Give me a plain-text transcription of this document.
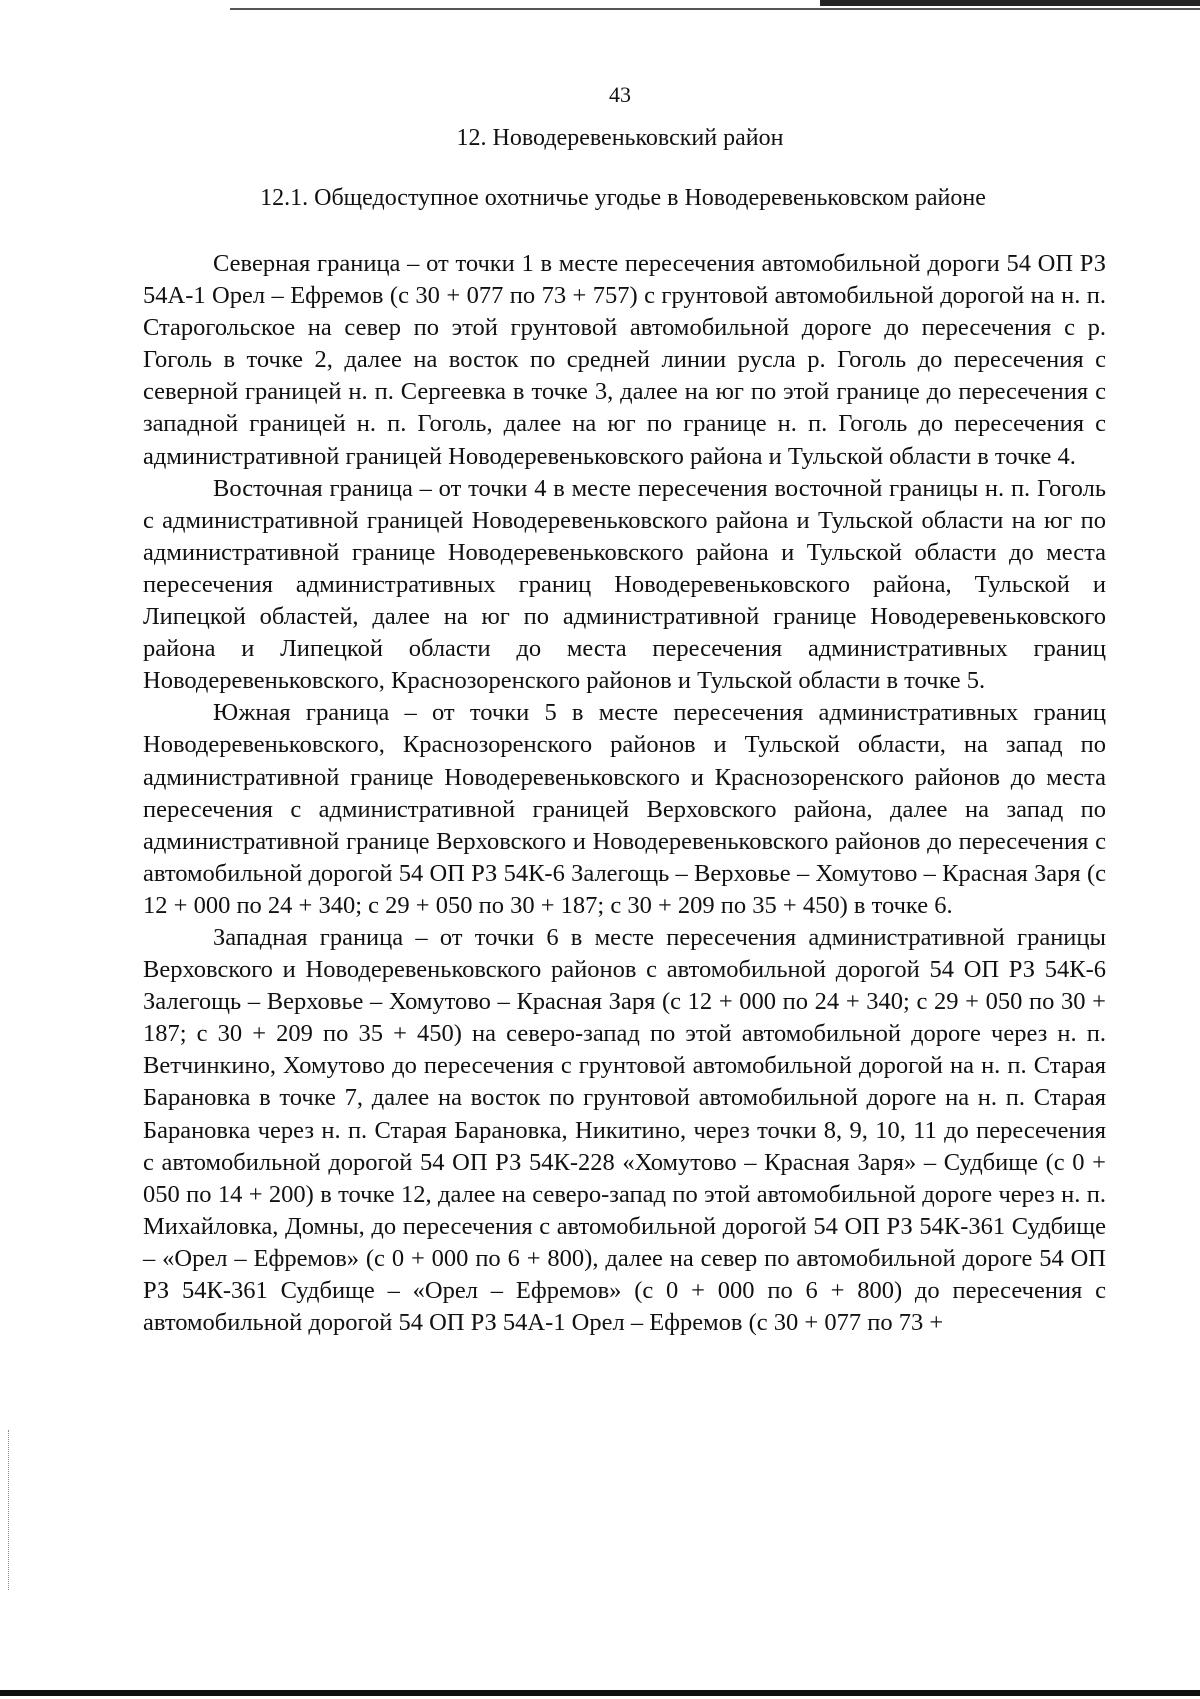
43
12. Новодеревеньковский район
12.1. Общедоступное охотничье угодье в Новодеревеньковском районе

Северная граница – от точки 1 в месте пересечения автомобильной дороги 54 ОП РЗ 54А-1 Орел – Ефремов (с 30 + 077 по 73 + 757) с грунтовой автомобильной дорогой на н. п. Старогольское на север по этой грунтовой автомобильной дороге до пересечения с р. Гоголь в точке 2, далее на восток по средней линии русла р. Гоголь до пересечения с северной границей н. п. Сергеевка в точке 3, далее на юг по этой границе до пересечения с западной границей н. п. Гоголь, далее на юг по границе н. п. Гоголь до пересечения с административной границей Новодеревеньковского района и Тульской области в точке 4.

Восточная граница – от точки 4 в месте пересечения восточной границы н. п. Гоголь с административной границей Новодеревеньковского района и Тульской области на юг по административной границе Новодеревеньковского района и Тульской области до места пересечения административных границ Новодеревеньковского района, Тульской и Липецкой областей, далее на юг по административной границе Новодеревеньковского района и Липецкой области до места пересечения административных границ Новодеревеньковского, Краснозоренского районов и Тульской области в точке 5.

Южная граница – от точки 5 в месте пересечения административных границ Новодеревеньковского, Краснозоренского районов и Тульской области, на запад по административной границе Новодеревеньковского и Краснозоренского районов до места пересечения с административной границей Верховского района, далее на запад по административной границе Верховского и Новодеревеньковского районов до пересечения с автомобильной дорогой 54 ОП РЗ 54К-6 Залегощь – Верховье – Хомутово – Красная Заря (с 12 + 000 по 24 + 340; с 29 + 050 по 30 + 187; с 30 + 209 по 35 + 450) в точке 6.

Западная граница – от точки 6 в месте пересечения административной границы Верховского и Новодеревеньковского районов с автомобильной дорогой 54 ОП РЗ 54К-6 Залегощь – Верховье – Хомутово – Красная Заря (с 12 + 000 по 24 + 340; с 29 + 050 по 30 + 187; с 30 + 209 по 35 + 450) на северо-запад по этой автомобильной дороге через н. п. Ветчинкино, Хомутово до пересечения с грунтовой автомобильной дорогой на н. п. Старая Барановка в точке 7, далее на восток по грунтовой автомобильной дороге на н. п. Старая Барановка через н. п. Старая Барановка, Никитино, через точки 8, 9, 10, 11 до пересечения с автомобильной дорогой 54 ОП РЗ 54К-228 «Хомутово – Красная Заря» – Судбище (с 0 + 050 по 14 + 200) в точке 12, далее на северо-запад по этой автомобильной дороге через н. п. Михайловка, Домны, до пересечения с автомобильной дорогой 54 ОП РЗ 54К-361 Судбище – «Орел – Ефремов» (с 0 + 000 по 6 + 800), далее на север по автомобильной дороге 54 ОП РЗ 54К-361 Судбище – «Орел – Ефремов» (с 0 + 000 по 6 + 800) до пересечения с автомобильной дорогой 54 ОП РЗ 54А-1 Орел – Ефремов (с 30 + 077 по 73 +
